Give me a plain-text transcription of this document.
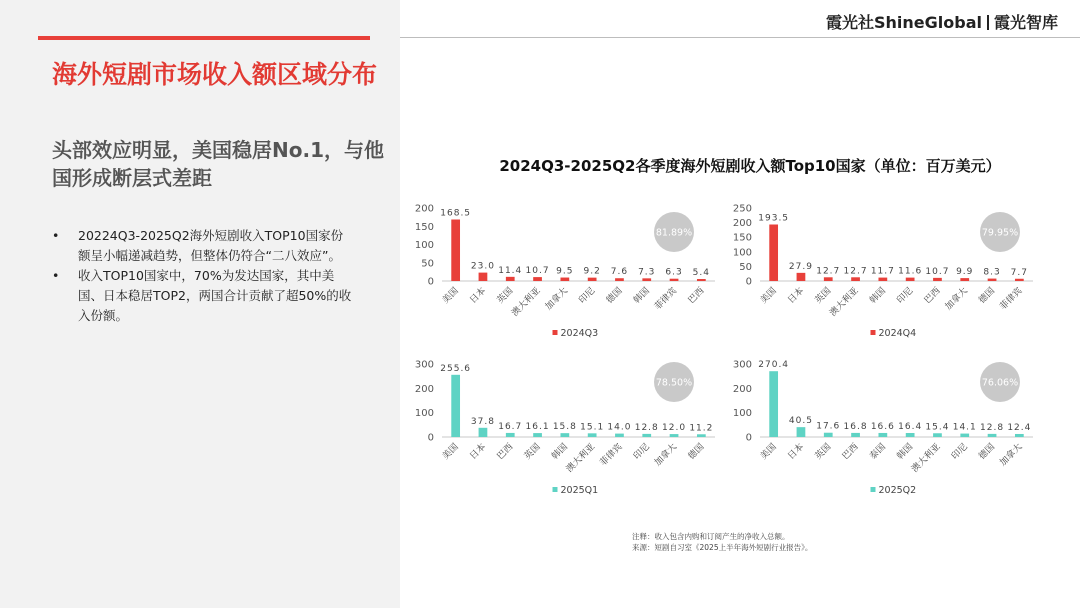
霞光社ShineGlobal 霞光智库
海外短剧市场收入额区域分布
头部效应明显，美国稳居No.1，与他国形成断层式差距
• 20224Q3-2025Q2海外短剧收入TOP10国家份额呈小幅递减趋势，但整体仍符合“二八效应”。
• 收入TOP10国家中，70%为发达国家，其中美国、日本稳居TOP2，两国合计贡献了超50%的收入份额。
2024Q3-2025Q2各季度海外短剧收入额Top10国家（单位：百万美元）
0
50
100
150
200 168.5
美国
23.0
日本
11.4
英国
10.7
澳大利亚
9.5
加拿大
9.2
印尼
7.6
德国
7.3
韩国
6.3
菲律宾
5.4
巴西
81.89%
2024Q3
0
50
100
150
200
250
193.5
美国
27.9
日本
12.7
英国
12.7
澳大利亚
11.7
韩国
11.6
印尼
10.7
巴西
9.9
加拿大
8.3
德国
7.7
菲律宾
79.95%
2024Q4
0
100
200
300 255.6
美国
37.8
日本
16.7
巴西
16.1
英国
15.8
韩国
15.1
澳大利亚
14.0
菲律宾
12.8
印尼
12.0
加拿大
11.2
德国
78.50%
2025Q1
0
100
200
300 270.4
美国
40.5
日本
17.6
英国
16.8
巴西
16.6
泰国
16.4
韩国
15.4
澳大利亚
14.1
印尼
12.8
德国
12.4
加拿大
76.06%
2025Q2
注释：收入包含内购和订阅产生的净收入总额。
来源：短剧自习室《2025上半年海外短剧行业报告》。
